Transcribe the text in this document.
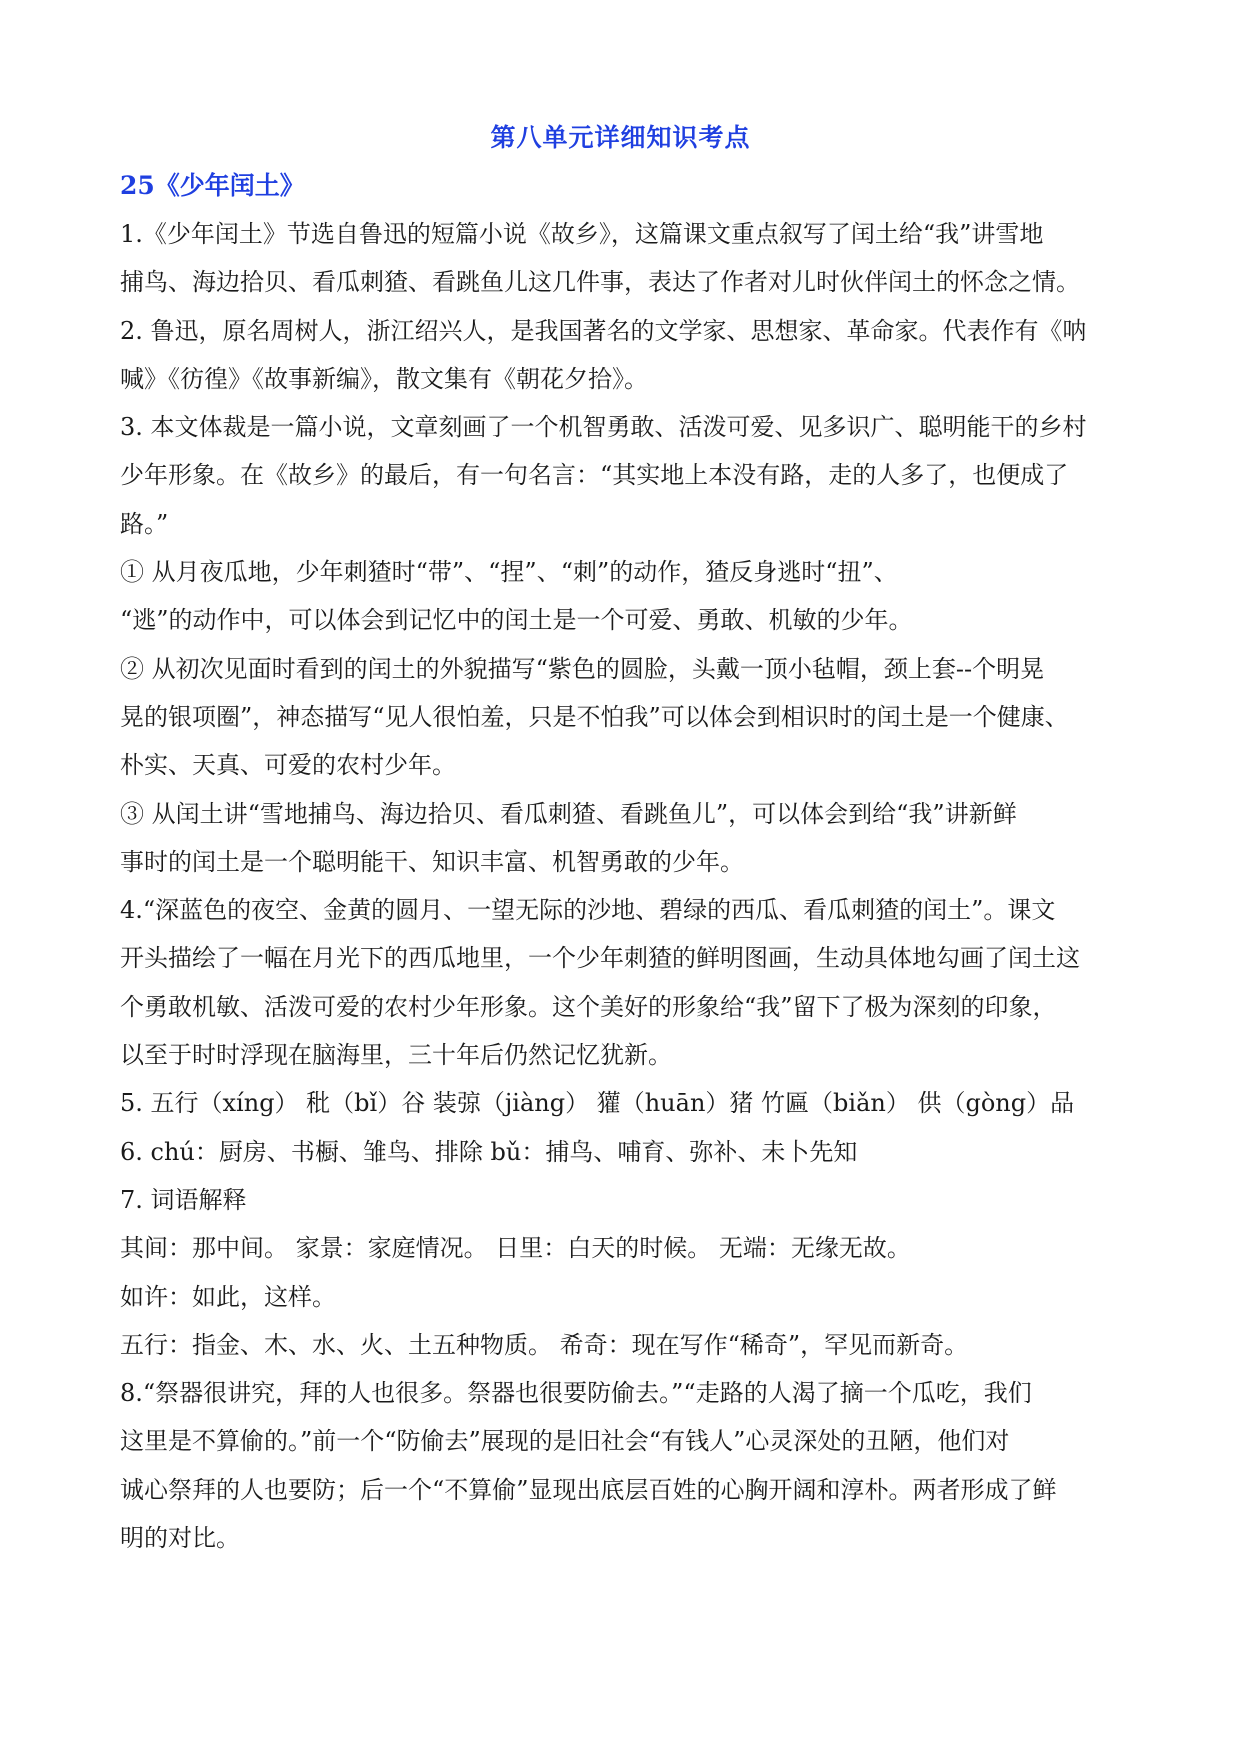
第八单元详细知识考点
25《少年闰土》
1.《少年闰土》节选自鲁迅的短篇小说《故乡》，这篇课文重点叙写了闰土给“我”讲雪地
捕鸟、海边拾贝、看瓜刺猹、看跳鱼儿这几件事，表达了作者对儿时伙伴闰土的怀念之情。
2. 鲁迅，原名周树人，浙江绍兴人，是我国著名的文学家、思想家、革命家。代表作有《呐
喊》《彷徨》《故事新编》，散文集有《朝花夕拾》。
3. 本文体裁是一篇小说，文章刻画了一个机智勇敢、活泼可爱、见多识广、聪明能干的乡村
少年形象。在《故乡》的最后，有一句名言：“其实地上本没有路，走的人多了，也便成了
路。”
① 从月夜瓜地，少年刺猹时“带”、“捏”、“刺”的动作，猹反身逃时“扭”、
“逃”的动作中，可以体会到记忆中的闰土是一个可爱、勇敢、机敏的少年。
② 从初次见面时看到的闰土的外貌描写“紫色的圆脸，头戴一顶小毡帽，颈上套--个明晃
晃的银项圈”，神态描写“见人很怕羞，只是不怕我”可以体会到相识时的闰土是一个健康、
朴实、天真、可爱的农村少年。
③ 从闰土讲“雪地捕鸟、海边拾贝、看瓜刺猹、看跳鱼儿”，可以体会到给“我”讲新鲜
事时的闰土是一个聪明能干、知识丰富、机智勇敢的少年。
4.“深蓝色的夜空、金黄的圆月、一望无际的沙地、碧绿的西瓜、看瓜刺猹的闰土”。课文
开头描绘了一幅在月光下的西瓜地里，一个少年刺猹的鲜明图画，生动具体地勾画了闰土这
个勇敢机敏、活泼可爱的农村少年形象。这个美好的形象给“我”留下了极为深刻的印象，
以至于时时浮现在脑海里，三十年后仍然记忆犹新。
5. 五行（xíng） 秕（bǐ）谷 装弶（jiàng） 獾（huān）猪 竹匾（biǎn） 供（gòng）品
6. chú：厨房、书橱、雏鸟、排除 bǔ：捕鸟、哺育、弥补、未卜先知
7. 词语解释
其间：那中间。 家景：家庭情况。 日里：白天的时候。 无端：无缘无故。
如许：如此，这样。
五行：指金、木、水、火、土五种物质。 希奇：现在写作“稀奇”，罕见而新奇。
8.“祭器很讲究，拜的人也很多。祭器也很要防偷去。”“走路的人渴了摘一个瓜吃，我们
这里是不算偷的。”前一个“防偷去”展现的是旧社会“有钱人”心灵深处的丑陋，他们对
诚心祭拜的人也要防；后一个“不算偷”显现出底层百姓的心胸开阔和淳朴。两者形成了鲜
明的对比。
